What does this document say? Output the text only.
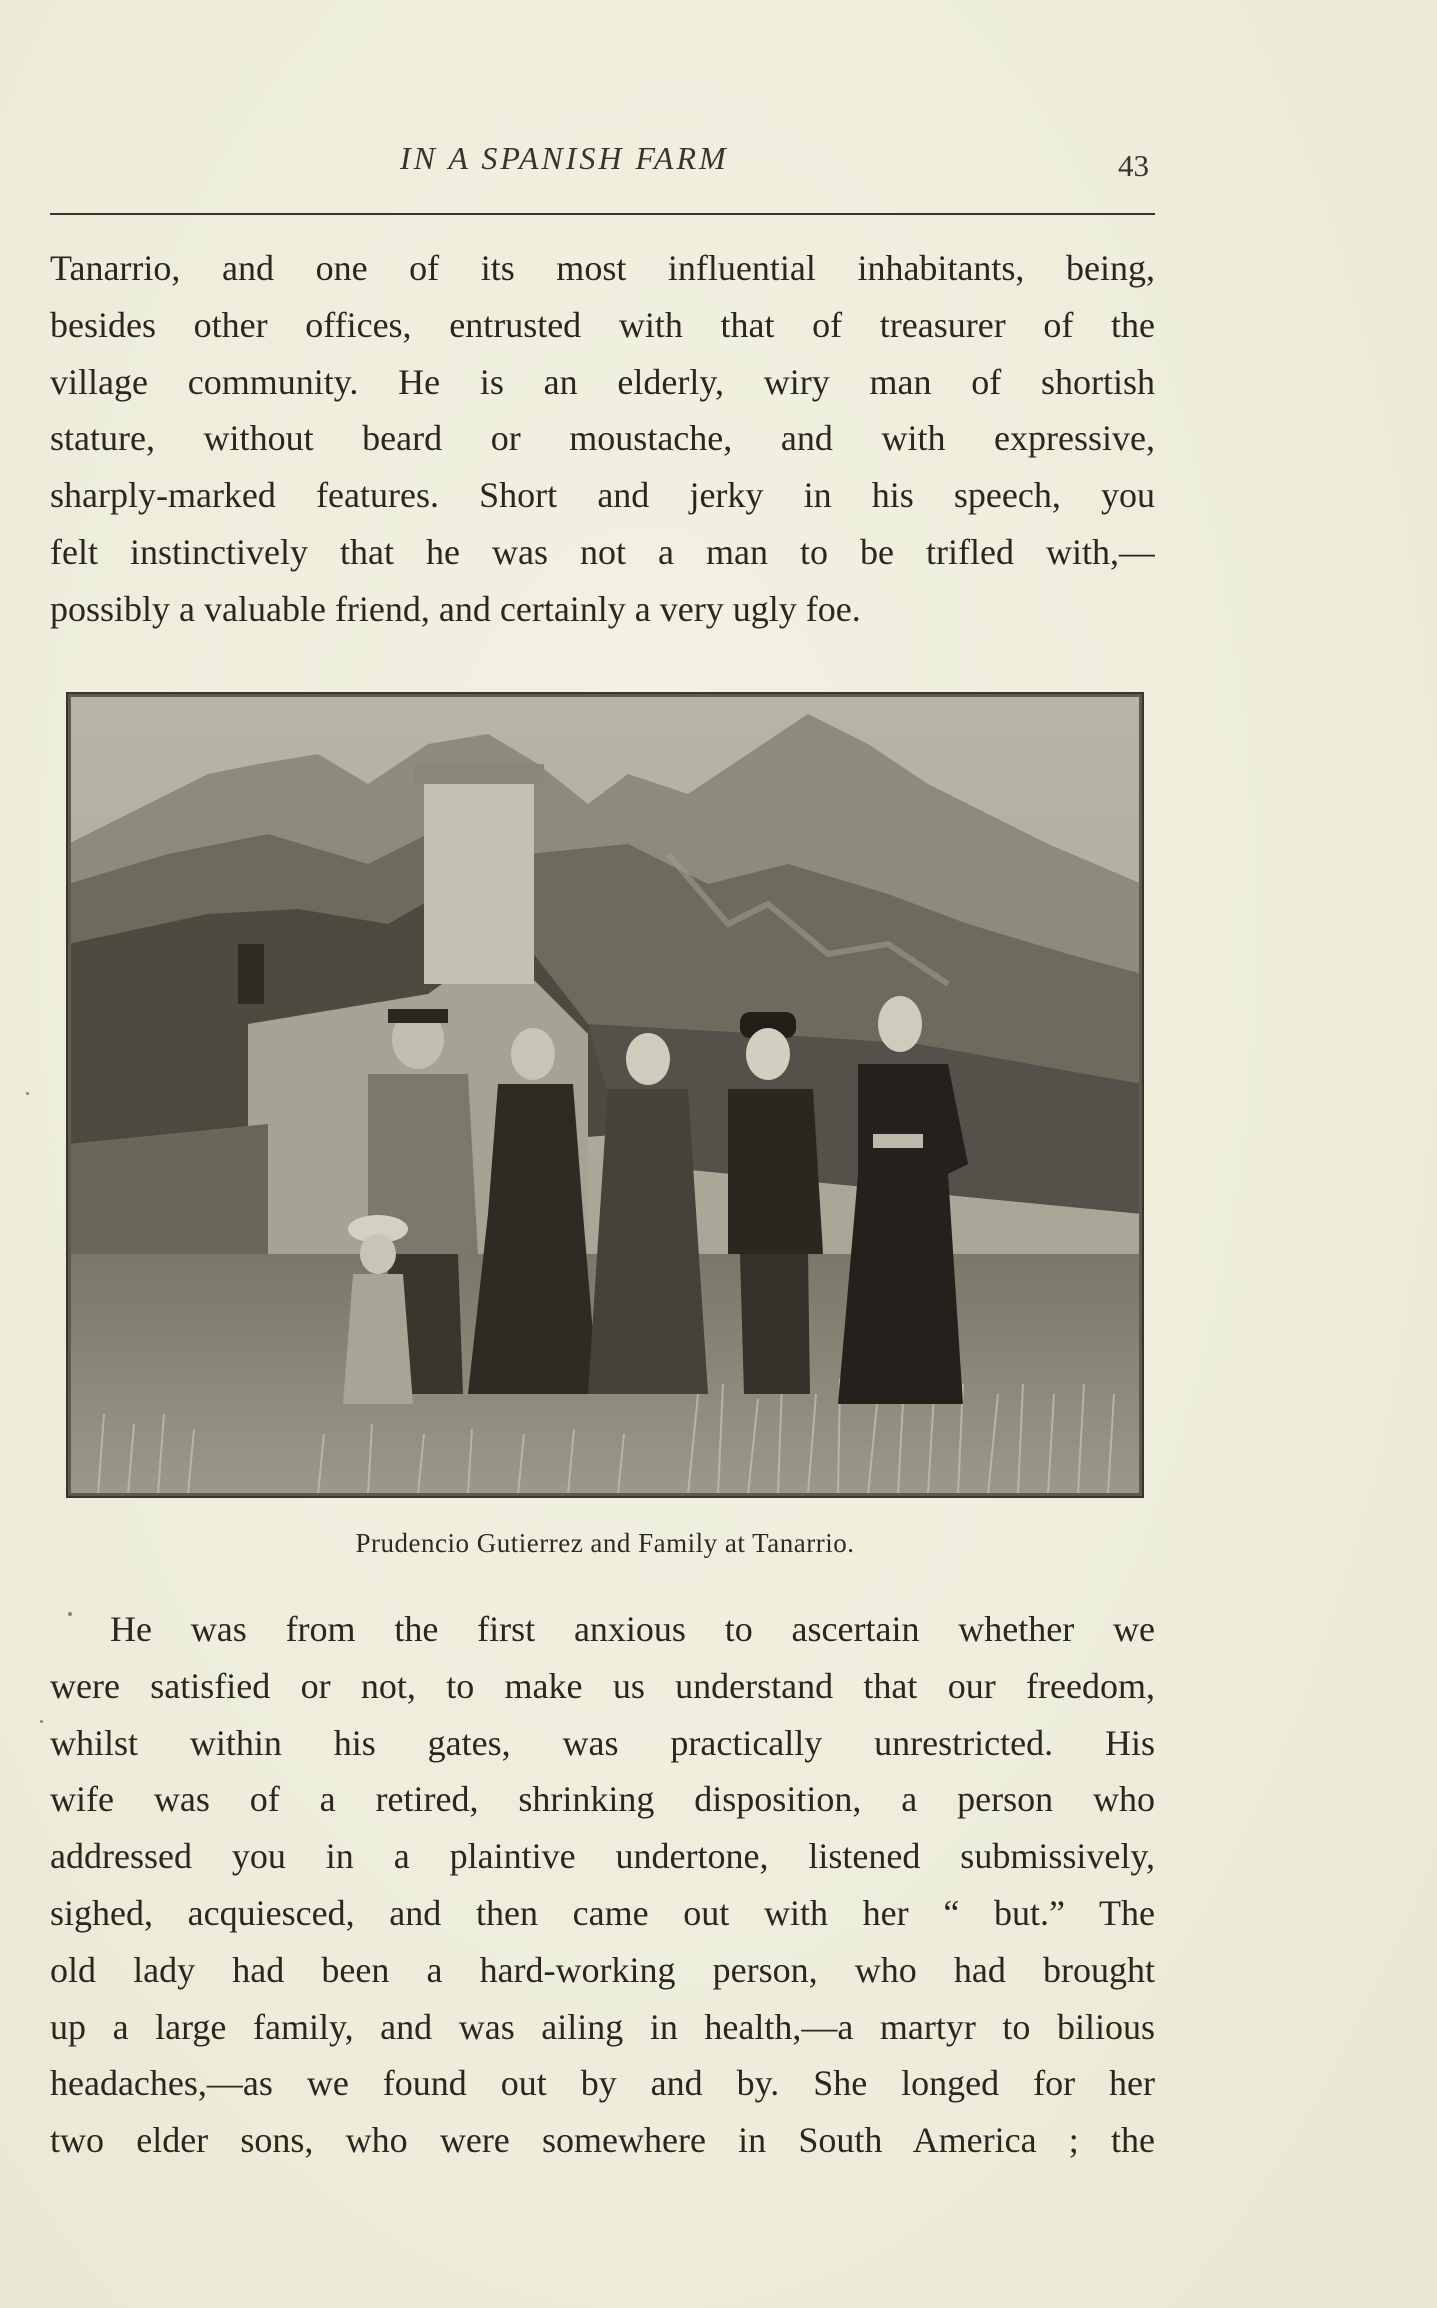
IN A SPANISH FARM	43
Tanarrio, and one of its most influential inhabitants, being,
besides other offices, entrusted with that of treasurer of the
village community. He is an elderly, wiry man of shortish
stature, without beard or moustache, and with expressive,
sharply-marked features. Short and jerky in his speech, you
felt instinctively that he was not a man to be trifled with,—
possibly a valuable friend, and certainly a very ugly foe.
Prudencio Gutierrez and Family at Tanarrio.
He was from the first anxious to ascertain whether we
were satisfied or not, to make us understand that our freedom,
whilst within his gates, was practically unrestricted. His
wife was of a retired, shrinking disposition, a person who
addressed you in a plaintive undertone, listened submissively,
sighed, acquiesced, and then came out with her “ but.” The
old lady had been a hard-working person, who had brought
up a large family, and was ailing in health,—a martyr to bilious
headaches,—as we found out by and by. She longed for her
two elder sons, who were somewhere in South America ; the
